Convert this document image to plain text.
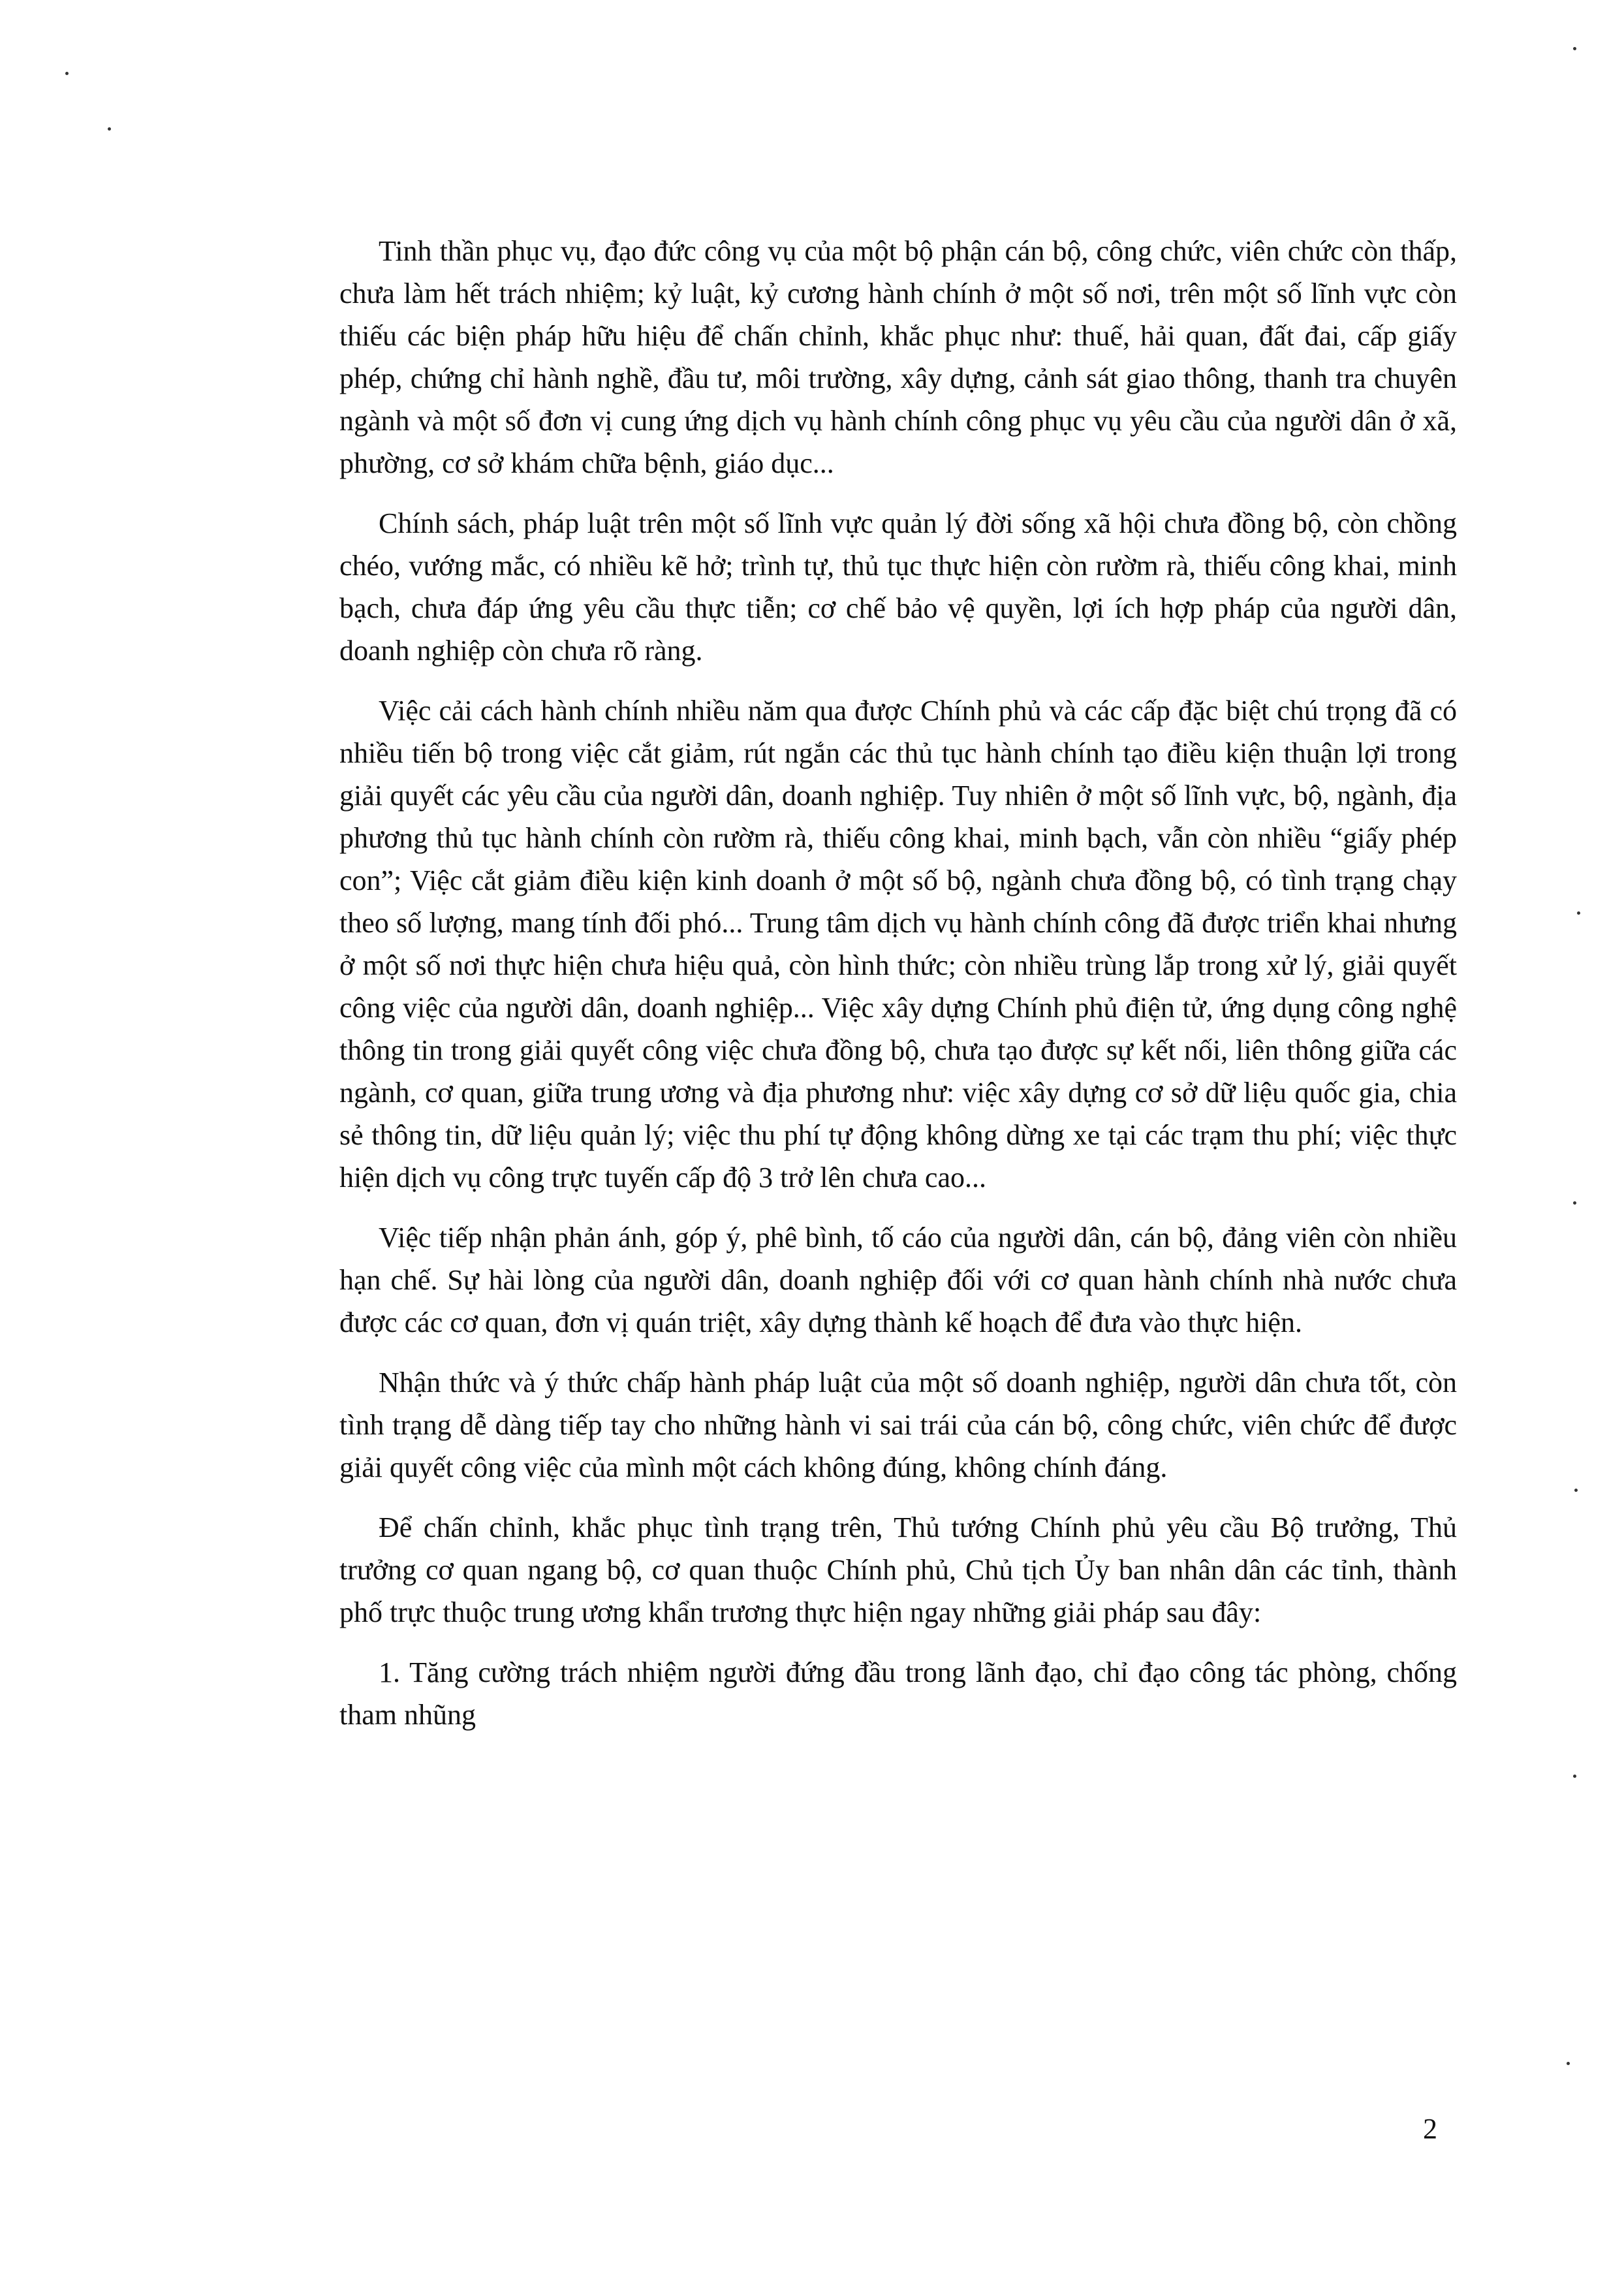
Tinh thần phục vụ, đạo đức công vụ của một bộ phận cán bộ, công chức, viên chức còn thấp, chưa làm hết trách nhiệm; kỷ luật, kỷ cương hành chính ở một số nơi, trên một số lĩnh vực còn thiếu các biện pháp hữu hiệu để chấn chỉnh, khắc phục như: thuế, hải quan, đất đai, cấp giấy phép, chứng chỉ hành nghề, đầu tư, môi trường, xây dựng, cảnh sát giao thông, thanh tra chuyên ngành và một số đơn vị cung ứng dịch vụ hành chính công phục vụ yêu cầu của người dân ở xã, phường, cơ sở khám chữa bệnh, giáo dục...

Chính sách, pháp luật trên một số lĩnh vực quản lý đời sống xã hội chưa đồng bộ, còn chồng chéo, vướng mắc, có nhiều kẽ hở; trình tự, thủ tục thực hiện còn rườm rà, thiếu công khai, minh bạch, chưa đáp ứng yêu cầu thực tiễn; cơ chế bảo vệ quyền, lợi ích hợp pháp của người dân, doanh nghiệp còn chưa rõ ràng.

Việc cải cách hành chính nhiều năm qua được Chính phủ và các cấp đặc biệt chú trọng đã có nhiều tiến bộ trong việc cắt giảm, rút ngắn các thủ tục hành chính tạo điều kiện thuận lợi trong giải quyết các yêu cầu của người dân, doanh nghiệp. Tuy nhiên ở một số lĩnh vực, bộ, ngành, địa phương thủ tục hành chính còn rườm rà, thiếu công khai, minh bạch, vẫn còn nhiều “giấy phép con”; Việc cắt giảm điều kiện kinh doanh ở một số bộ, ngành chưa đồng bộ, có tình trạng chạy theo số lượng, mang tính đối phó... Trung tâm dịch vụ hành chính công đã được triển khai nhưng ở một số nơi thực hiện chưa hiệu quả, còn hình thức; còn nhiều trùng lắp trong xử lý, giải quyết công việc của người dân, doanh nghiệp... Việc xây dựng Chính phủ điện tử, ứng dụng công nghệ thông tin trong giải quyết công việc chưa đồng bộ, chưa tạo được sự kết nối, liên thông giữa các ngành, cơ quan, giữa trung ương và địa phương như: việc xây dựng cơ sở dữ liệu quốc gia, chia sẻ thông tin, dữ liệu quản lý; việc thu phí tự động không dừng xe tại các trạm thu phí; việc thực hiện dịch vụ công trực tuyến cấp độ 3 trở lên chưa cao...

Việc tiếp nhận phản ánh, góp ý, phê bình, tố cáo của người dân, cán bộ, đảng viên còn nhiều hạn chế. Sự hài lòng của người dân, doanh nghiệp đối với cơ quan hành chính nhà nước chưa được các cơ quan, đơn vị quán triệt, xây dựng thành kế hoạch để đưa vào thực hiện.

Nhận thức và ý thức chấp hành pháp luật của một số doanh nghiệp, người dân chưa tốt, còn tình trạng dễ dàng tiếp tay cho những hành vi sai trái của cán bộ, công chức, viên chức để được giải quyết công việc của mình một cách không đúng, không chính đáng.

Để chấn chỉnh, khắc phục tình trạng trên, Thủ tướng Chính phủ yêu cầu Bộ trưởng, Thủ trưởng cơ quan ngang bộ, cơ quan thuộc Chính phủ, Chủ tịch Ủy ban nhân dân các tỉnh, thành phố trực thuộc trung ương khẩn trương thực hiện ngay những giải pháp sau đây:

1. Tăng cường trách nhiệm người đứng đầu trong lãnh đạo, chỉ đạo công tác phòng, chống tham nhũng

2
